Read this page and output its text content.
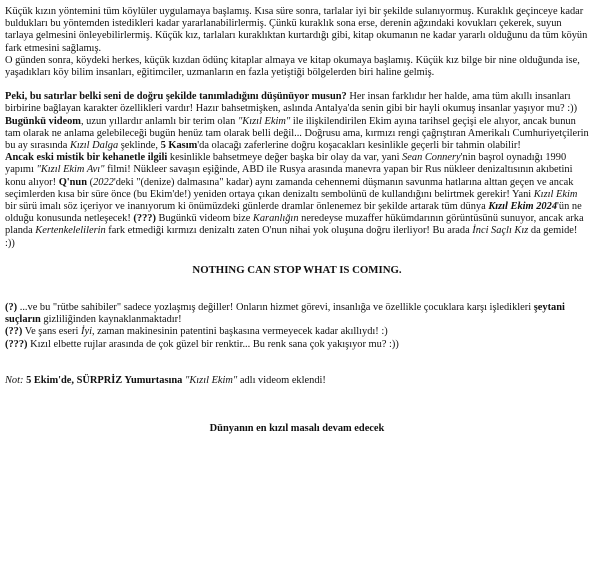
Küçük kızın yöntemini tüm köylüler uygulamaya başlamış. Kısa süre sonra, tarlalar iyi bir şekilde sulanıyormuş. Kuraklık geçinceye kadar buldukları bu yöntemden istedikleri kadar yararlanabilirlermiş. Çünkü kuraklık sona erse, derenin ağzındaki kovukları çekerek, suyun tarlaya gelmesini önleyebilirlermiş. Küçük kız, tarlaları kuraklıktan kurtardığı gibi, kitap okumanın ne kadar yararlı olduğunu da tüm köyün fark etmesini sağlamış.
O günden sonra, köydeki herkes, küçük kızdan ödünç kitaplar almaya ve kitap okumaya başlamış. Küçük kız bilge bir nine olduğunda ise, yaşadıkları köy bilim insanları, eğitimciler, uzmanların en fazla yetiştiği bölgelerden biri haline gelmiş.

Peki, bu satırlar belki seni de doğru şekilde tanımladığını düşünüyor musun? Her insan farklıdır her halde, ama tüm akıllı insanları birbirine bağlayan karakter özellikleri vardır! Hazır bahsetmişken, aslında Antalya'da senin gibi bir hayli okumuş insanlar yaşıyor mu? :))

Bugünkü videom, uzun yıllardır anlamlı bir terim olan "Kızıl Ekim" ile ilişkilendirilen Ekim ayına tarihsel geçişi ele alıyor, ancak bunun tam olarak ne anlama gelebileceği bugün henüz tam olarak belli değil... Doğrusu ama, kırmızı rengi çağrıştıran Amerikalı Cumhuriyetçilerin bu ay sırasında Kızıl Dalga şeklinde, 5 Kasım'da olacağı zaferlerine doğru koşacakları kesinlikle geçerli bir tahmin olabilir!

Ancak eski mistik bir kehanetle ilgili kesinlikle bahsetmeye değer başka bir olay da var, yani Sean Connery'nin başrol oynadığı 1990 yapımı "Kızıl Ekim Avı" filmi! Nükleer savaşın eşiğinde, ABD ile Rusya arasında manevra yapan bir Rus nükleer denizaltısının akıbetini konu alıyor! Q'nun (2022'deki "(denize) dalmasına" kadar) aynı zamanda cehennemi düşmanın savunma hatlarına alttan geçen ve ancak seçimlerden kısa bir süre önce (bu Ekim'de!) yeniden ortaya çıkan denizaltı sembolünü de kullandığını belirtmek gerekir! Yani Kızıl Ekim bir sürü imalı söz içeriyor ve inanıyorum ki önümüzdeki günlerde dramlar önlenemez bir şekilde artarak tüm dünya Kızıl Ekim 2024'ün ne olduğu konusunda netleşecek! (???) Bugünkü videom bize Karanlığın neredeyse muzaffer hükümdarının görüntüsünü sunuyor, ancak arka planda Kertenkelelilerin fark etmediği kırmızı denizaltı zaten O'nun nihai yok oluşuna doğru ilerliyor! Bu arada İnci Saçlı Kız da gemide! :))

NOTHING CAN STOP WHAT IS COMING.

(?) ...ve bu "rütbe sahibiler" sadece yozlaşmış değiller! Onların hizmet görevi, insanlığa ve özellikle çocuklara karşı işledikleri şeytani suçların gizliliğinden kaynaklanmaktadır!

(??) Ve şans eseri İyi, zaman makinesinin patentini başkasına vermeyecek kadar akıllıydı! :)

(???) Kızıl elbette rujlar arasında de çok güzel bir renktir... Bu renk sana çok yakışıyor mu? :))

Not: 5 Ekim'de, SÜRPRİZ Yumurtasına "Kızıl Ekim" adlı videom eklendi!

Dünyanın en kızıl masalı devam edecek
